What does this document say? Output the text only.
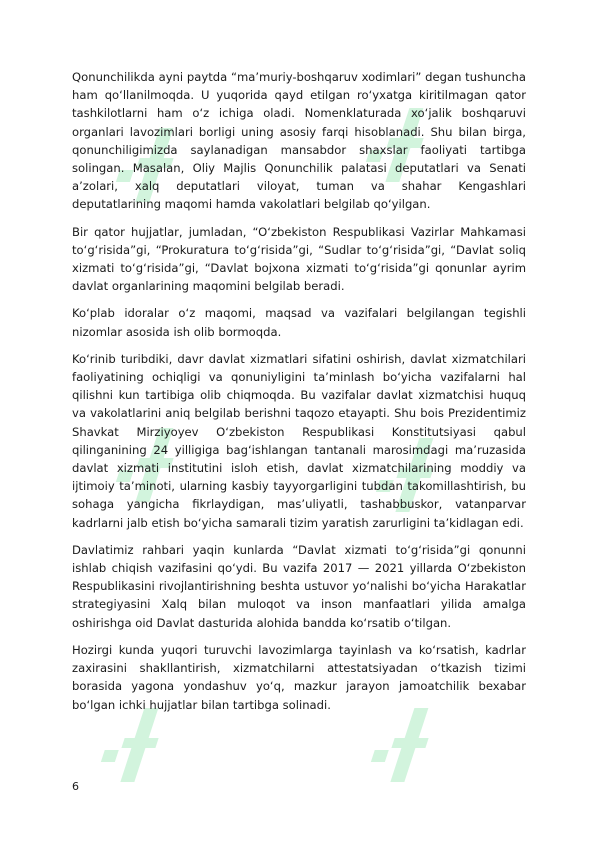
Qonunchilikda ayni paytda “ma’muriy-boshqaruv xodimlari” degan tushuncha ham qo‘llanilmoqda. U yuqorida qayd etilgan ro‘yxatga kiritilmagan qator tashkilotlarni ham o‘z ichiga oladi. Nomenklaturada xo‘jalik boshqaruvi organlari lavozimlari borligi uning asosiy farqi hisoblanadi. Shu bilan birga, qonunchiligimizda saylanadigan mansabdor shaxslar faoliyati tartibga solingan. Masalan, Oliy Majlis Qonunchilik palatasi deputatlari va Senati a’zolari, xalq deputatlari viloyat, tuman va shahar Kengashlari deputatlarining maqomi hamda vakolatlari belgilab qo‘yilgan.

Bir qator hujjatlar, jumladan, “O‘zbekiston Respublikasi Vazirlar Mahkamasi to‘g‘risida”gi, “Prokuratura to‘g‘risida”gi, “Sudlar to‘g‘risida”gi, “Davlat soliq xizmati to‘g‘risida”gi, “Davlat bojxona xizmati to‘g‘risida”gi qonunlar ayrim davlat organlarining maqomini belgilab beradi.

Ko‘plab idoralar o‘z maqomi, maqsad va vazifalari belgilangan tegishli nizomlar asosida ish olib bormoqda.

Ko‘rinib turibdiki, davr davlat xizmatlari sifatini oshirish, davlat xizmatchilari faoliyatining ochiqligi va qonuniyligini ta’minlash bo‘yicha vazifalarni hal qilishni kun tartibiga olib chiqmoqda. Bu vazifalar davlat xizmatchisi huquq va vakolatlarini aniq belgilab berishni taqozo etayapti. Shu bois Prezidentimiz Shavkat Mirziyoyev O‘zbekiston Respublikasi Konstitutsiyasi qabul qilinganining 24 yilligiga bag‘ishlangan tantanali marosimdagi ma’ruzasida davlat xizmati institutini isloh etish, davlat xizmatchilarining moddiy va ijtimoiy ta’minoti, ularning kasbiy tayyorgarligini tubdan takomillashtirish, bu sohaga yangicha fikrlaydigan, mas’uliyatli, tashabbuskor, vatanparvar kadrlarni jalb etish bo‘yicha samarali tizim yaratish zarurligini ta’kidlagan edi.

Davlatimiz rahbari yaqin kunlarda “Davlat xizmati to‘g‘risida”gi qonunni ishlab chiqish vazifasini qo‘ydi. Bu vazifa 2017 — 2021 yillarda O‘zbekiston Respublikasini rivojlantirishning beshta ustuvor yo‘nalishi bo‘yicha Harakatlar strategiyasini Xalq bilan muloqot va inson manfaatlari yilida amalga oshirishga oid Davlat dasturida alohida bandda ko‘rsatib o‘tilgan.

Hozirgi kunda yuqori turuvchi lavozimlarga tayinlash va ko‘rsatish, kadrlar zaxirasini shakllantirish, xizmatchilarni attestatsiyadan o‘tkazish tizimi borasida yagona yondashuv yo‘q, mazkur jarayon jamoatchilik bexabar bo‘lgan ichki hujjatlar bilan tartibga solinadi.

6
